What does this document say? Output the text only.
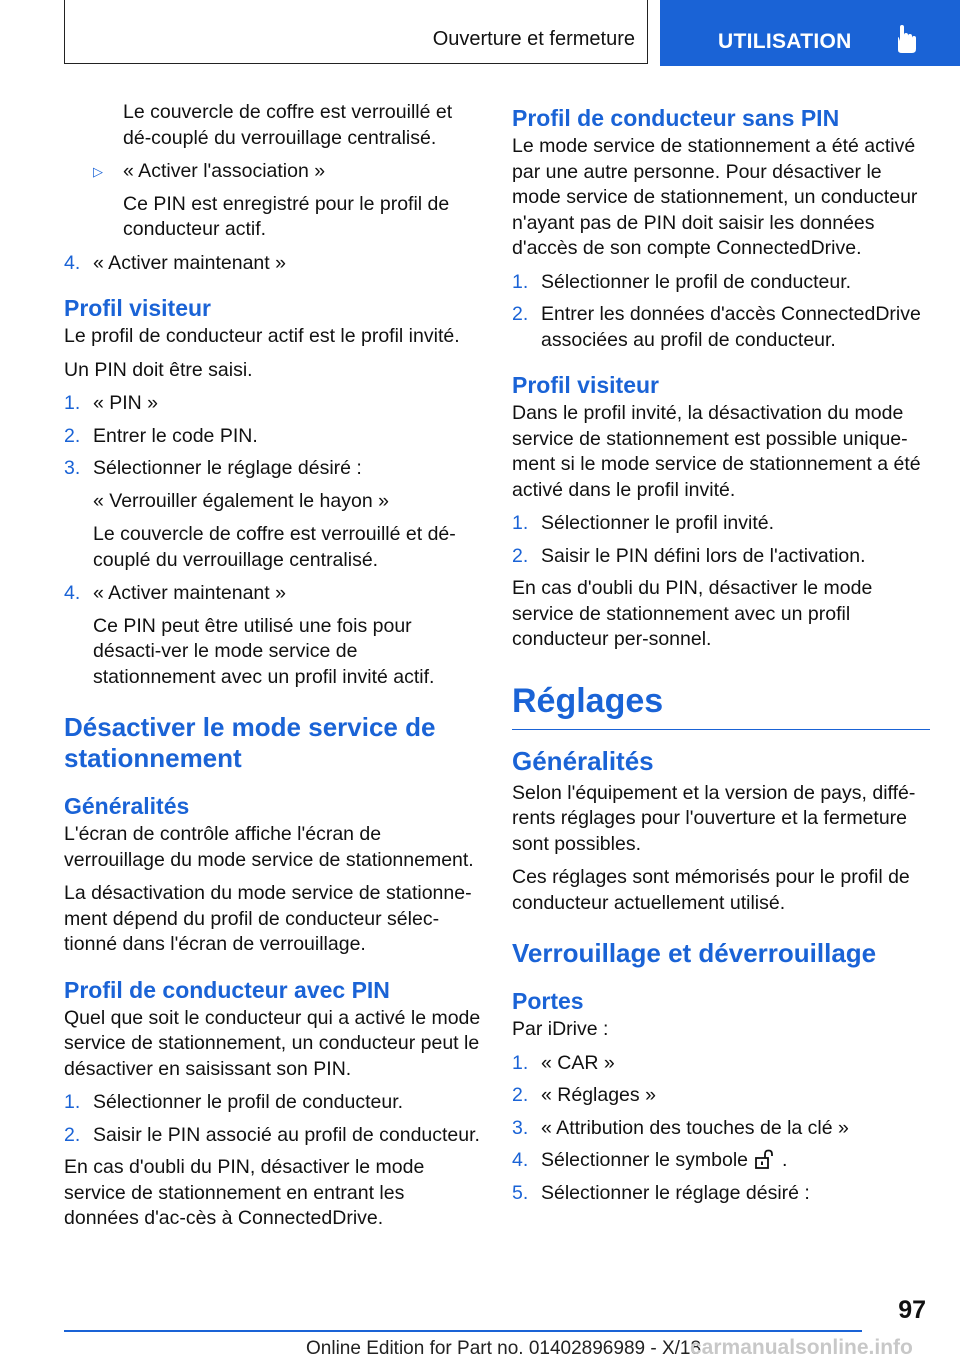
Ouverture et fermeture	UTILISATION

Le couvercle de coffre est verrouillé et dé‐couplé du verrouillage centralisé.

▷ « Activer l'association »

Ce PIN est enregistré pour le profil de conducteur actif.

4. « Activer maintenant »
Profil visiteur

Le profil de conducteur actif est le profil invité.

Un PIN doit être saisi.

1. « PIN »
2. Entrer le code PIN.
3. Sélectionner le réglage désiré :

« Verrouiller également le hayon »

Le couvercle de coffre est verrouillé et dé‐couplé du verrouillage centralisé.

4. « Activer maintenant »

Ce PIN peut être utilisé une fois pour désacti‐ver le mode service de stationnement avec un profil invité actif.

Désactiver le mode service de stationnement
Généralités

L'écran de contrôle affiche l'écran de verrouillage du mode service de stationnement.

La désactivation du mode service de stationne‐ment dépend du profil de conducteur sélec‐tionné dans l'écran de verrouillage.

Profil de conducteur avec PIN

Quel que soit le conducteur qui a activé le mode service de stationnement, un conducteur peut le désactiver en saisissant son PIN.

1. Sélectionner le profil de conducteur.
2. Saisir le PIN associé au profil de conducteur.

En cas d'oubli du PIN, désactiver le mode service de stationnement en entrant les données d'ac‐cès à ConnectedDrive.

Profil de conducteur sans PIN

Le mode service de stationnement a été activé par une autre personne. Pour désactiver le mode service de stationnement, un conducteur n'ayant pas de PIN doit saisir les données d'accès de son compte ConnectedDrive.

1. Sélectionner le profil de conducteur.
2. Entrer les données d'accès ConnectedDrive associées au profil de conducteur.
Profil visiteur

Dans le profil invité, la désactivation du mode service de stationnement est possible unique‐ment si le mode service de stationnement a été activé dans le profil invité.

1. Sélectionner le profil invité.
2. Saisir le PIN défini lors de l'activation.

En cas d'oubli du PIN, désactiver le mode service de stationnement avec un profil conducteur per‐sonnel.

Réglages
Généralités

Selon l'équipement et la version de pays, diffé‐rents réglages pour l'ouverture et la fermeture sont possibles.

Ces réglages sont mémorisés pour le profil de conducteur actuellement utilisé.

Verrouillage et déverrouillage
Portes

Par iDrive :

1. « CAR »
2. « Réglages »
3. « Attribution des touches de la clé »
4. Sélectionner le symbole .
5. Sélectionner le réglage désiré :
97
Online Edition for Part no. 01402896989 - X/18
carmanualsonline.info
